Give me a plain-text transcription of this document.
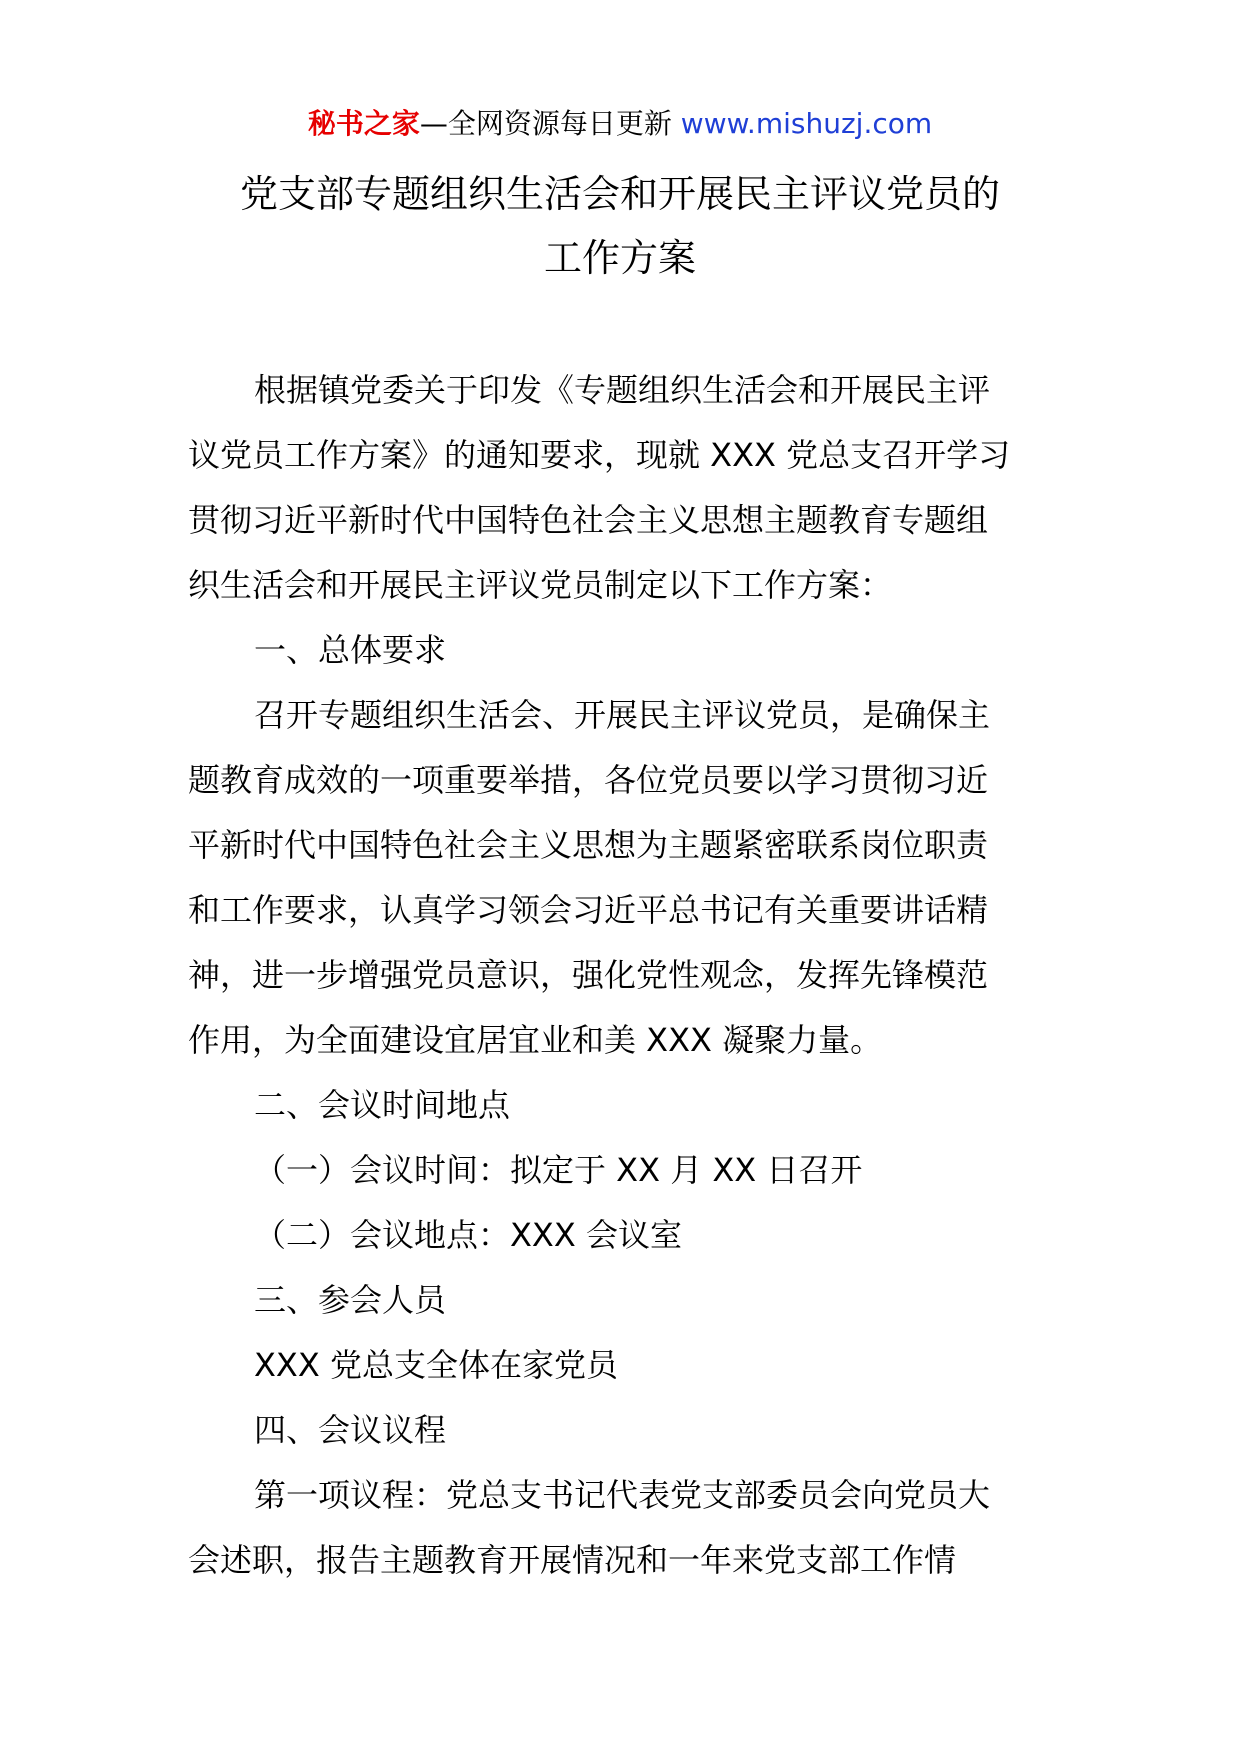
秘书之家—全网资源每日更新 www.mishuzj.com
党支部专题组织生活会和开展民主评议党员的
工作方案
根据镇党委关于印发《专题组织生活会和开展民主评
议党员工作方案》的通知要求，现就 XXX 党总支召开学习
贯彻习近平新时代中国特色社会主义思想主题教育专题组
织生活会和开展民主评议党员制定以下工作方案：
一、总体要求
召开专题组织生活会、开展民主评议党员，是确保主
题教育成效的一项重要举措，各位党员要以学习贯彻习近
平新时代中国特色社会主义思想为主题紧密联系岗位职责
和工作要求，认真学习领会习近平总书记有关重要讲话精
神，进一步增强党员意识，强化党性观念，发挥先锋模范
作用，为全面建设宜居宜业和美 XXX 凝聚力量。
二、会议时间地点
（一）会议时间：拟定于 XX 月 XX 日召开
（二）会议地点：XXX 会议室
三、参会人员
XXX 党总支全体在家党员
四、会议议程
第一项议程：党总支书记代表党支部委员会向党员大
会述职，报告主题教育开展情况和一年来党支部工作情
